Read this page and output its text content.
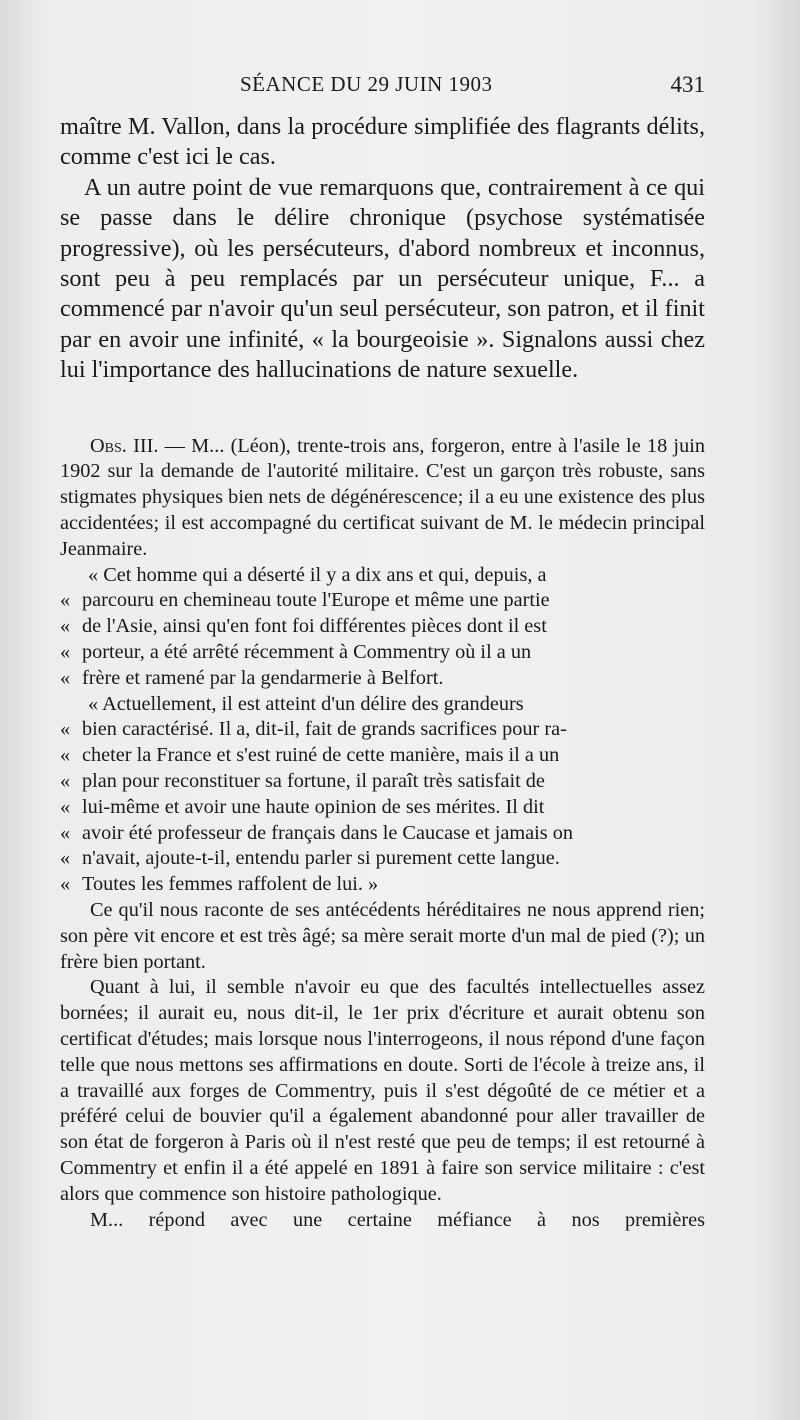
SÉANCE DU 29 JUIN 1903	431

maître M. Vallon, dans la procédure simplifiée des flagrants délits, comme c'est ici le cas.

A un autre point de vue remarquons que, contrairement à ce qui se passe dans le délire chronique (psychose systématisée progressive), où les persécuteurs, d'abord nombreux et inconnus, sont peu à peu remplacés par un persécuteur unique, F... a commencé par n'avoir qu'un seul persécuteur, son patron, et il finit par en avoir une infinité, « la bourgeoisie ». Signalons aussi chez lui l'importance des hallucinations de nature sexuelle.

Obs. III. — M... (Léon), trente-trois ans, forgeron, entre à l'asile le 18 juin 1902 sur la demande de l'autorité militaire. C'est un garçon très robuste, sans stigmates physiques bien nets de dégénérescence; il a eu une existence des plus accidentées; il est accompagné du certificat suivant de M. le médecin principal Jeanmaire.

« Cet homme qui a déserté il y a dix ans et qui, depuis, a
« parcouru en chemineau toute l'Europe et même une partie
« de l'Asie, ainsi qu'en font foi différentes pièces dont il est
« porteur, a été arrêté récemment à Commentry où il a un
« frère et ramené par la gendarmerie à Belfort.
« Actuellement, il est atteint d'un délire des grandeurs
« bien caractérisé. Il a, dit-il, fait de grands sacrifices pour ra-
« cheter la France et s'est ruiné de cette manière, mais il a un
« plan pour reconstituer sa fortune, il paraît très satisfait de
« lui-même et avoir une haute opinion de ses mérites. Il dit
« avoir été professeur de français dans le Caucase et jamais on
« n'avait, ajoute-t-il, entendu parler si purement cette langue.
« Toutes les femmes raffolent de lui. »

Ce qu'il nous raconte de ses antécédents héréditaires ne nous apprend rien; son père vit encore et est très âgé; sa mère serait morte d'un mal de pied (?); un frère bien portant.

Quant à lui, il semble n'avoir eu que des facultés intellectuelles assez bornées; il aurait eu, nous dit-il, le 1er prix d'écriture et aurait obtenu son certificat d'études; mais lorsque nous l'interrogeons, il nous répond d'une façon telle que nous mettons ses affirmations en doute. Sorti de l'école à treize ans, il a travaillé aux forges de Commentry, puis il s'est dégoûté de ce métier et a préféré celui de bouvier qu'il a également abandonné pour aller travailler de son état de forgeron à Paris où il n'est resté que peu de temps; il est retourné à Commentry et enfin il a été appelé en 1891 à faire son service militaire : c'est alors que commence son histoire pathologique.

M... répond avec une certaine méfiance à nos premières
